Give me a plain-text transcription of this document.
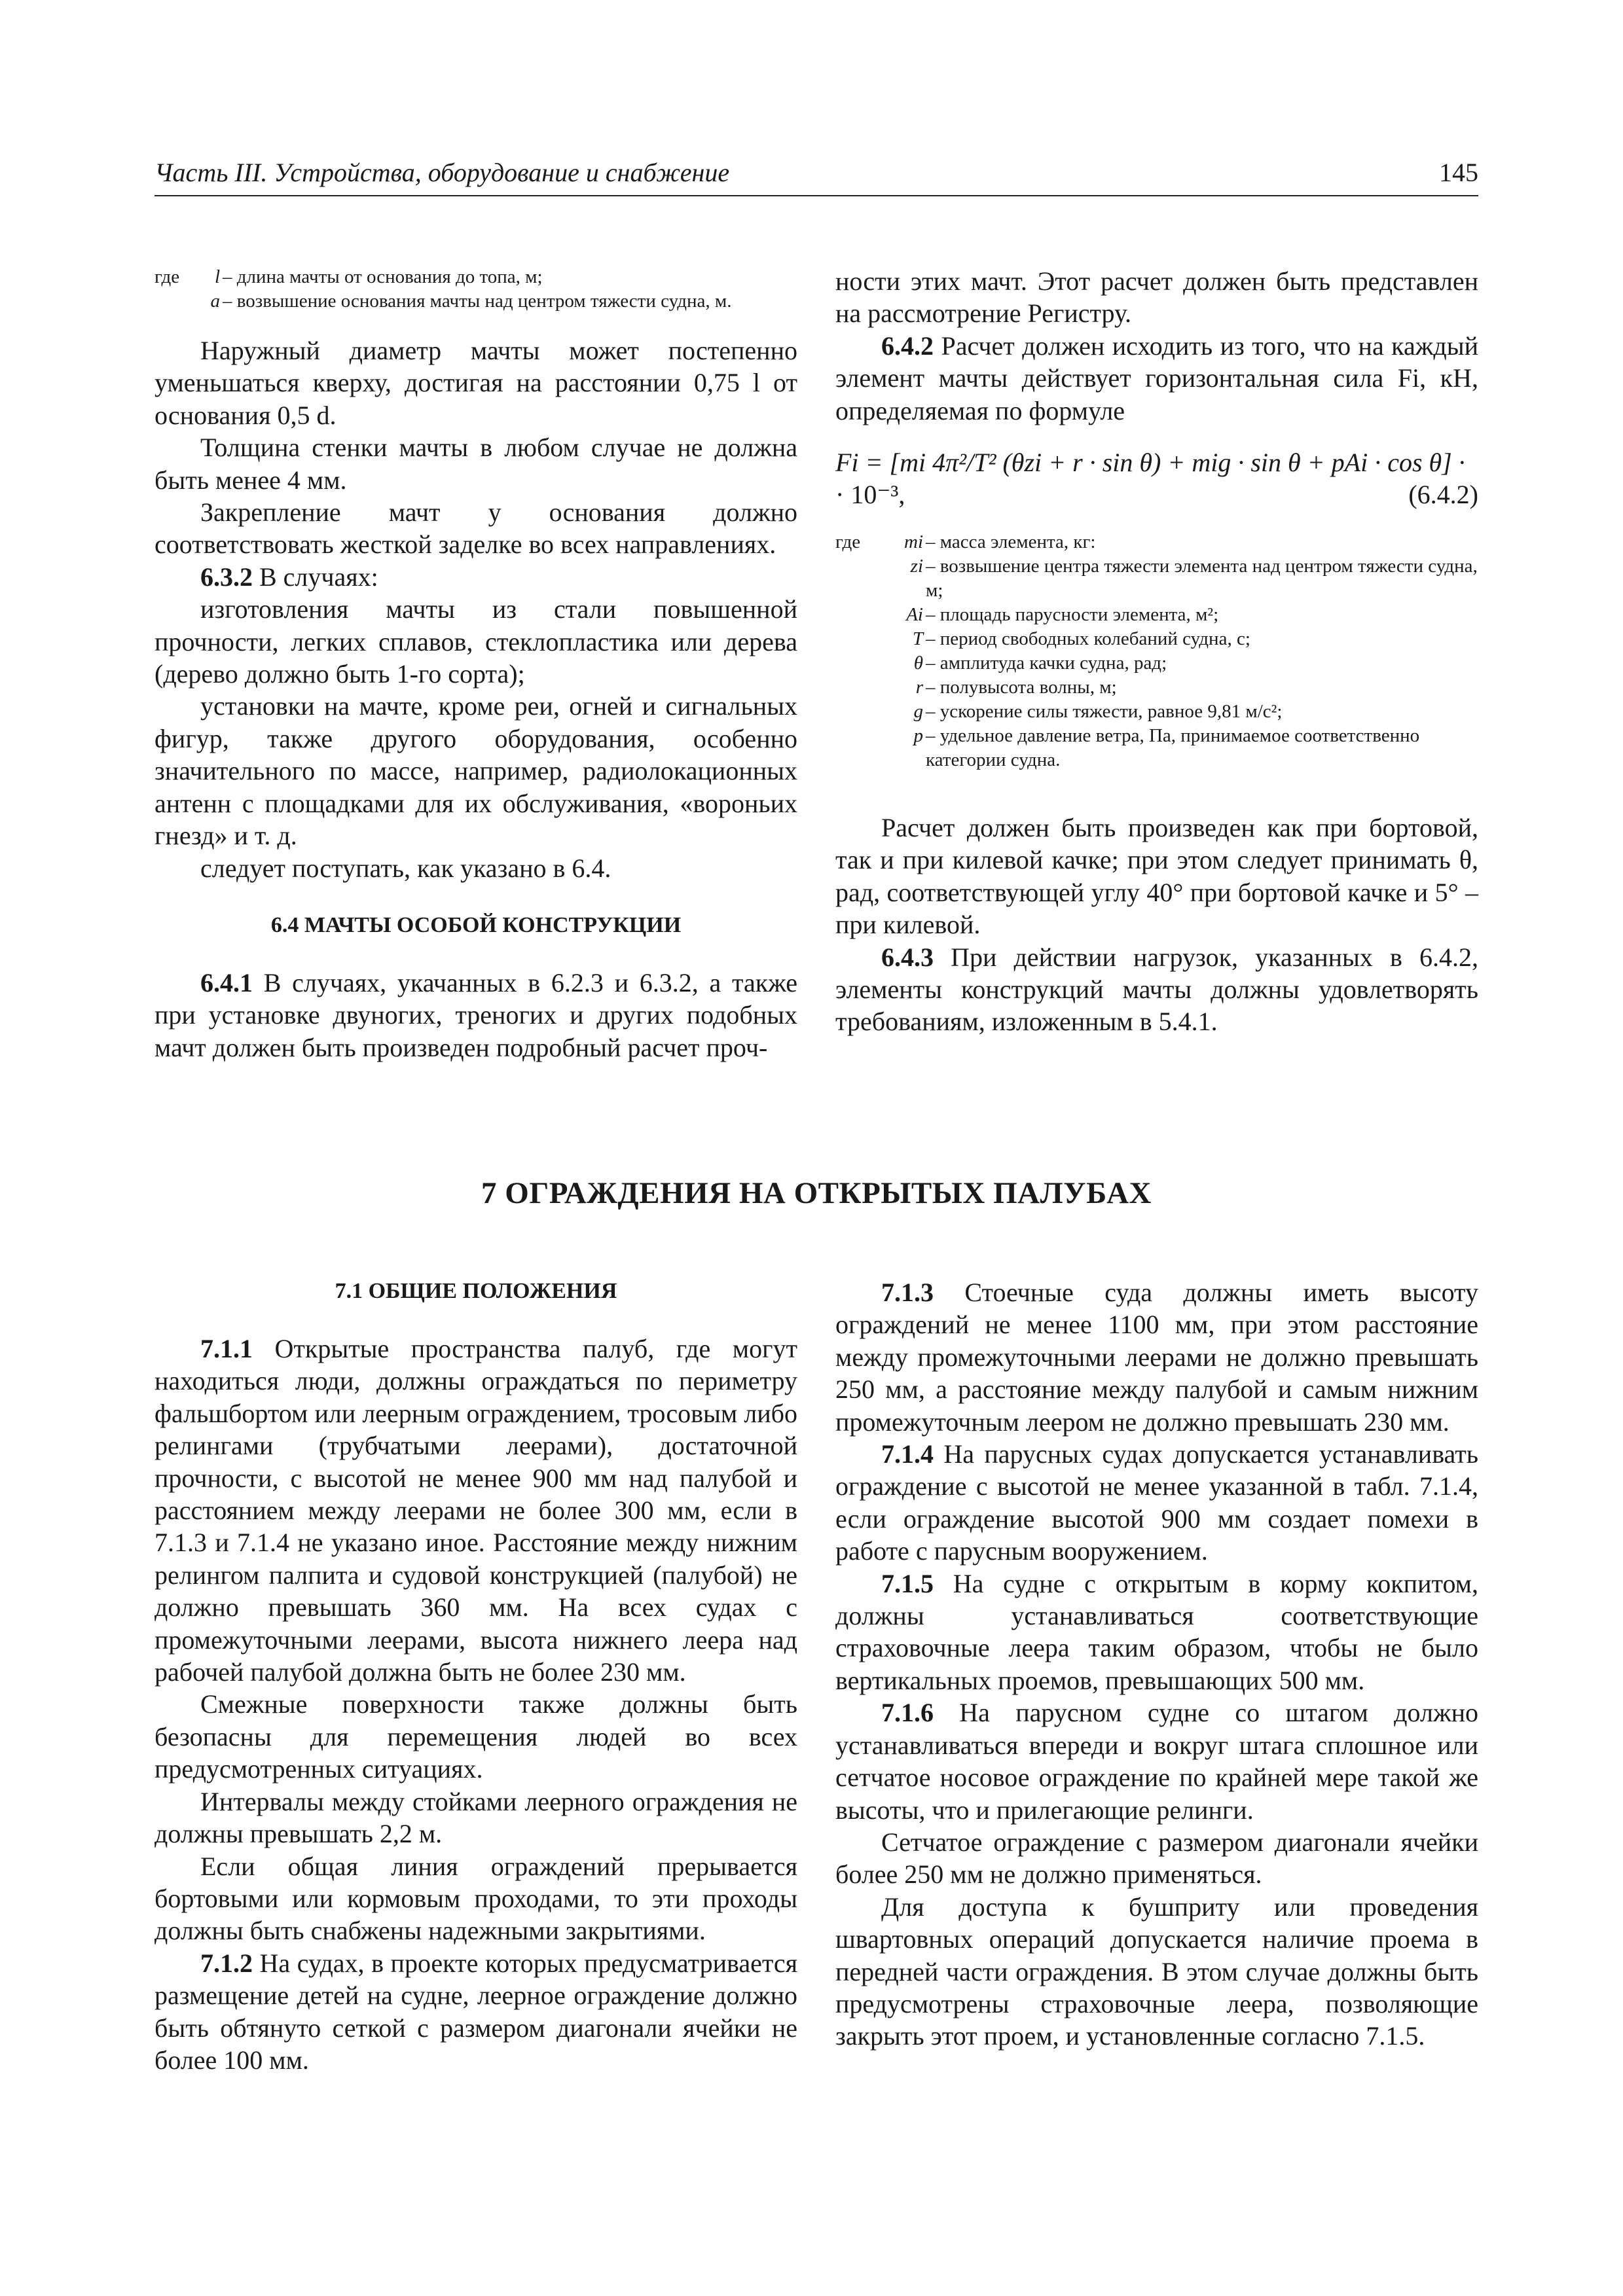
Часть III. Устройства, оборудование и снабжение	145
где	l – длина мачты от основания до топа, м;
a – возвышение основания мачты над центром тяжести судна, м.

Наружный диаметр мачты может постепенно уменьшаться кверху, достигая на расстоянии 0,75 l от основания 0,5 d.

Толщина стенки мачты в любом случае не должна быть менее 4 мм.

Закрепление мачт у основания должно соответствовать жесткой заделке во всех направлениях.

6.3.2 В случаях:

изготовления мачты из стали повышенной прочности, легких сплавов, стеклопластика или дерева (дерево должно быть 1-го сорта);

установки на мачте, кроме реи, огней и сигнальных фигур, также другого оборудования, особенно значительного по массе, например, радиолокационных антенн с площадками для их обслуживания, «вороньих гнезд» и т. д.

следует поступать, как указано в 6.4.

6.4 МАЧТЫ ОСОБОЙ КОНСТРУКЦИИ

6.4.1 В случаях, укачанных в 6.2.3 и 6.3.2, а также при установке двуногих, треногих и других подобных мачт должен быть произведен подробный расчет проч-

ности этих мачт. Этот расчет должен быть представлен на рассмотрение Регистру.

6.4.2 Расчет должен исходить из того, что на каждый элемент мачты действует горизонтальная сила Fi, кН, определяемая по формуле

Fi = [mi 4π²/T² (θzi + r · sin θ) + mig · sin θ + pAi · cos θ] ·
· 10⁻³,	(6.4.2)
где	mi – масса элемента, кг:
zi – возвышение центра тяжести элемента над центром тяжести судна, м;
Ai – площадь парусности элемента, м²;
T – период свободных колебаний судна, с;
θ – амплитуда качки судна, рад;
r – полувысота волны, м;
g – ускорение силы тяжести, равное 9,81 м/с²;
p – удельное давление ветра, Па, принимаемое соответственно категории судна.

Расчет должен быть произведен как при бортовой, так и при килевой качке; при этом следует принимать θ, рад, соответствующей углу 40° при бортовой качке и 5° – при килевой.

6.4.3 При действии нагрузок, указанных в 6.4.2, элементы конструкций мачты должны удовлетворять требованиям, изложенным в 5.4.1.

7 ОГРАЖДЕНИЯ НА ОТКРЫТЫХ ПАЛУБАХ

7.1 ОБЩИЕ ПОЛОЖЕНИЯ

7.1.1 Открытые пространства палуб, где могут находиться люди, должны ограждаться по периметру фальшбортом или леерным ограждением, тросовым либо релингами (трубчатыми леерами), достаточной прочности, с высотой не менее 900 мм над палубой и расстоянием между леерами не более 300 мм, если в 7.1.3 и 7.1.4 не указано иное. Расстояние между нижним релингом палпита и судовой конструкцией (палубой) не должно превышать 360 мм. На всех судах с промежуточными леерами, высота нижнего леера над рабочей палубой должна быть не более 230 мм.

Смежные поверхности также должны быть безопасны для перемещения людей во всех предусмотренных ситуациях.

Интервалы между стойками леерного ограждения не должны превышать 2,2 м.

Если общая линия ограждений прерывается бортовыми или кормовым проходами, то эти проходы должны быть снабжены надежными закрытиями.

7.1.2 На судах, в проекте которых предусматривается размещение детей на судне, леерное ограждение должно быть обтянуто сеткой с размером диагонали ячейки не более 100 мм.

7.1.3 Стоечные суда должны иметь высоту ограждений не менее 1100 мм, при этом расстояние между промежуточными леерами не должно превышать 250 мм, а расстояние между палубой и самым нижним промежуточным леером не должно превышать 230 мм.

7.1.4 На парусных судах допускается устанавливать ограждение с высотой не менее указанной в табл. 7.1.4, если ограждение высотой 900 мм создает помехи в работе с парусным вооружением.

7.1.5 На судне с открытым в корму кокпитом, должны устанавливаться соответствующие страховочные леера таким образом, чтобы не было вертикальных проемов, превышающих 500 мм.

7.1.6 На парусном судне со штагом должно устанавливаться впереди и вокруг штага сплошное или сетчатое носовое ограждение по крайней мере такой же высоты, что и прилегающие релинги.

Сетчатое ограждение с размером диагонали ячейки более 250 мм не должно применяться.

Для доступа к бушприту или проведения швартовных операций допускается наличие проема в передней части ограждения. В этом случае должны быть предусмотрены страховочные леера, позволяющие закрыть этот проем, и установленные согласно 7.1.5.
